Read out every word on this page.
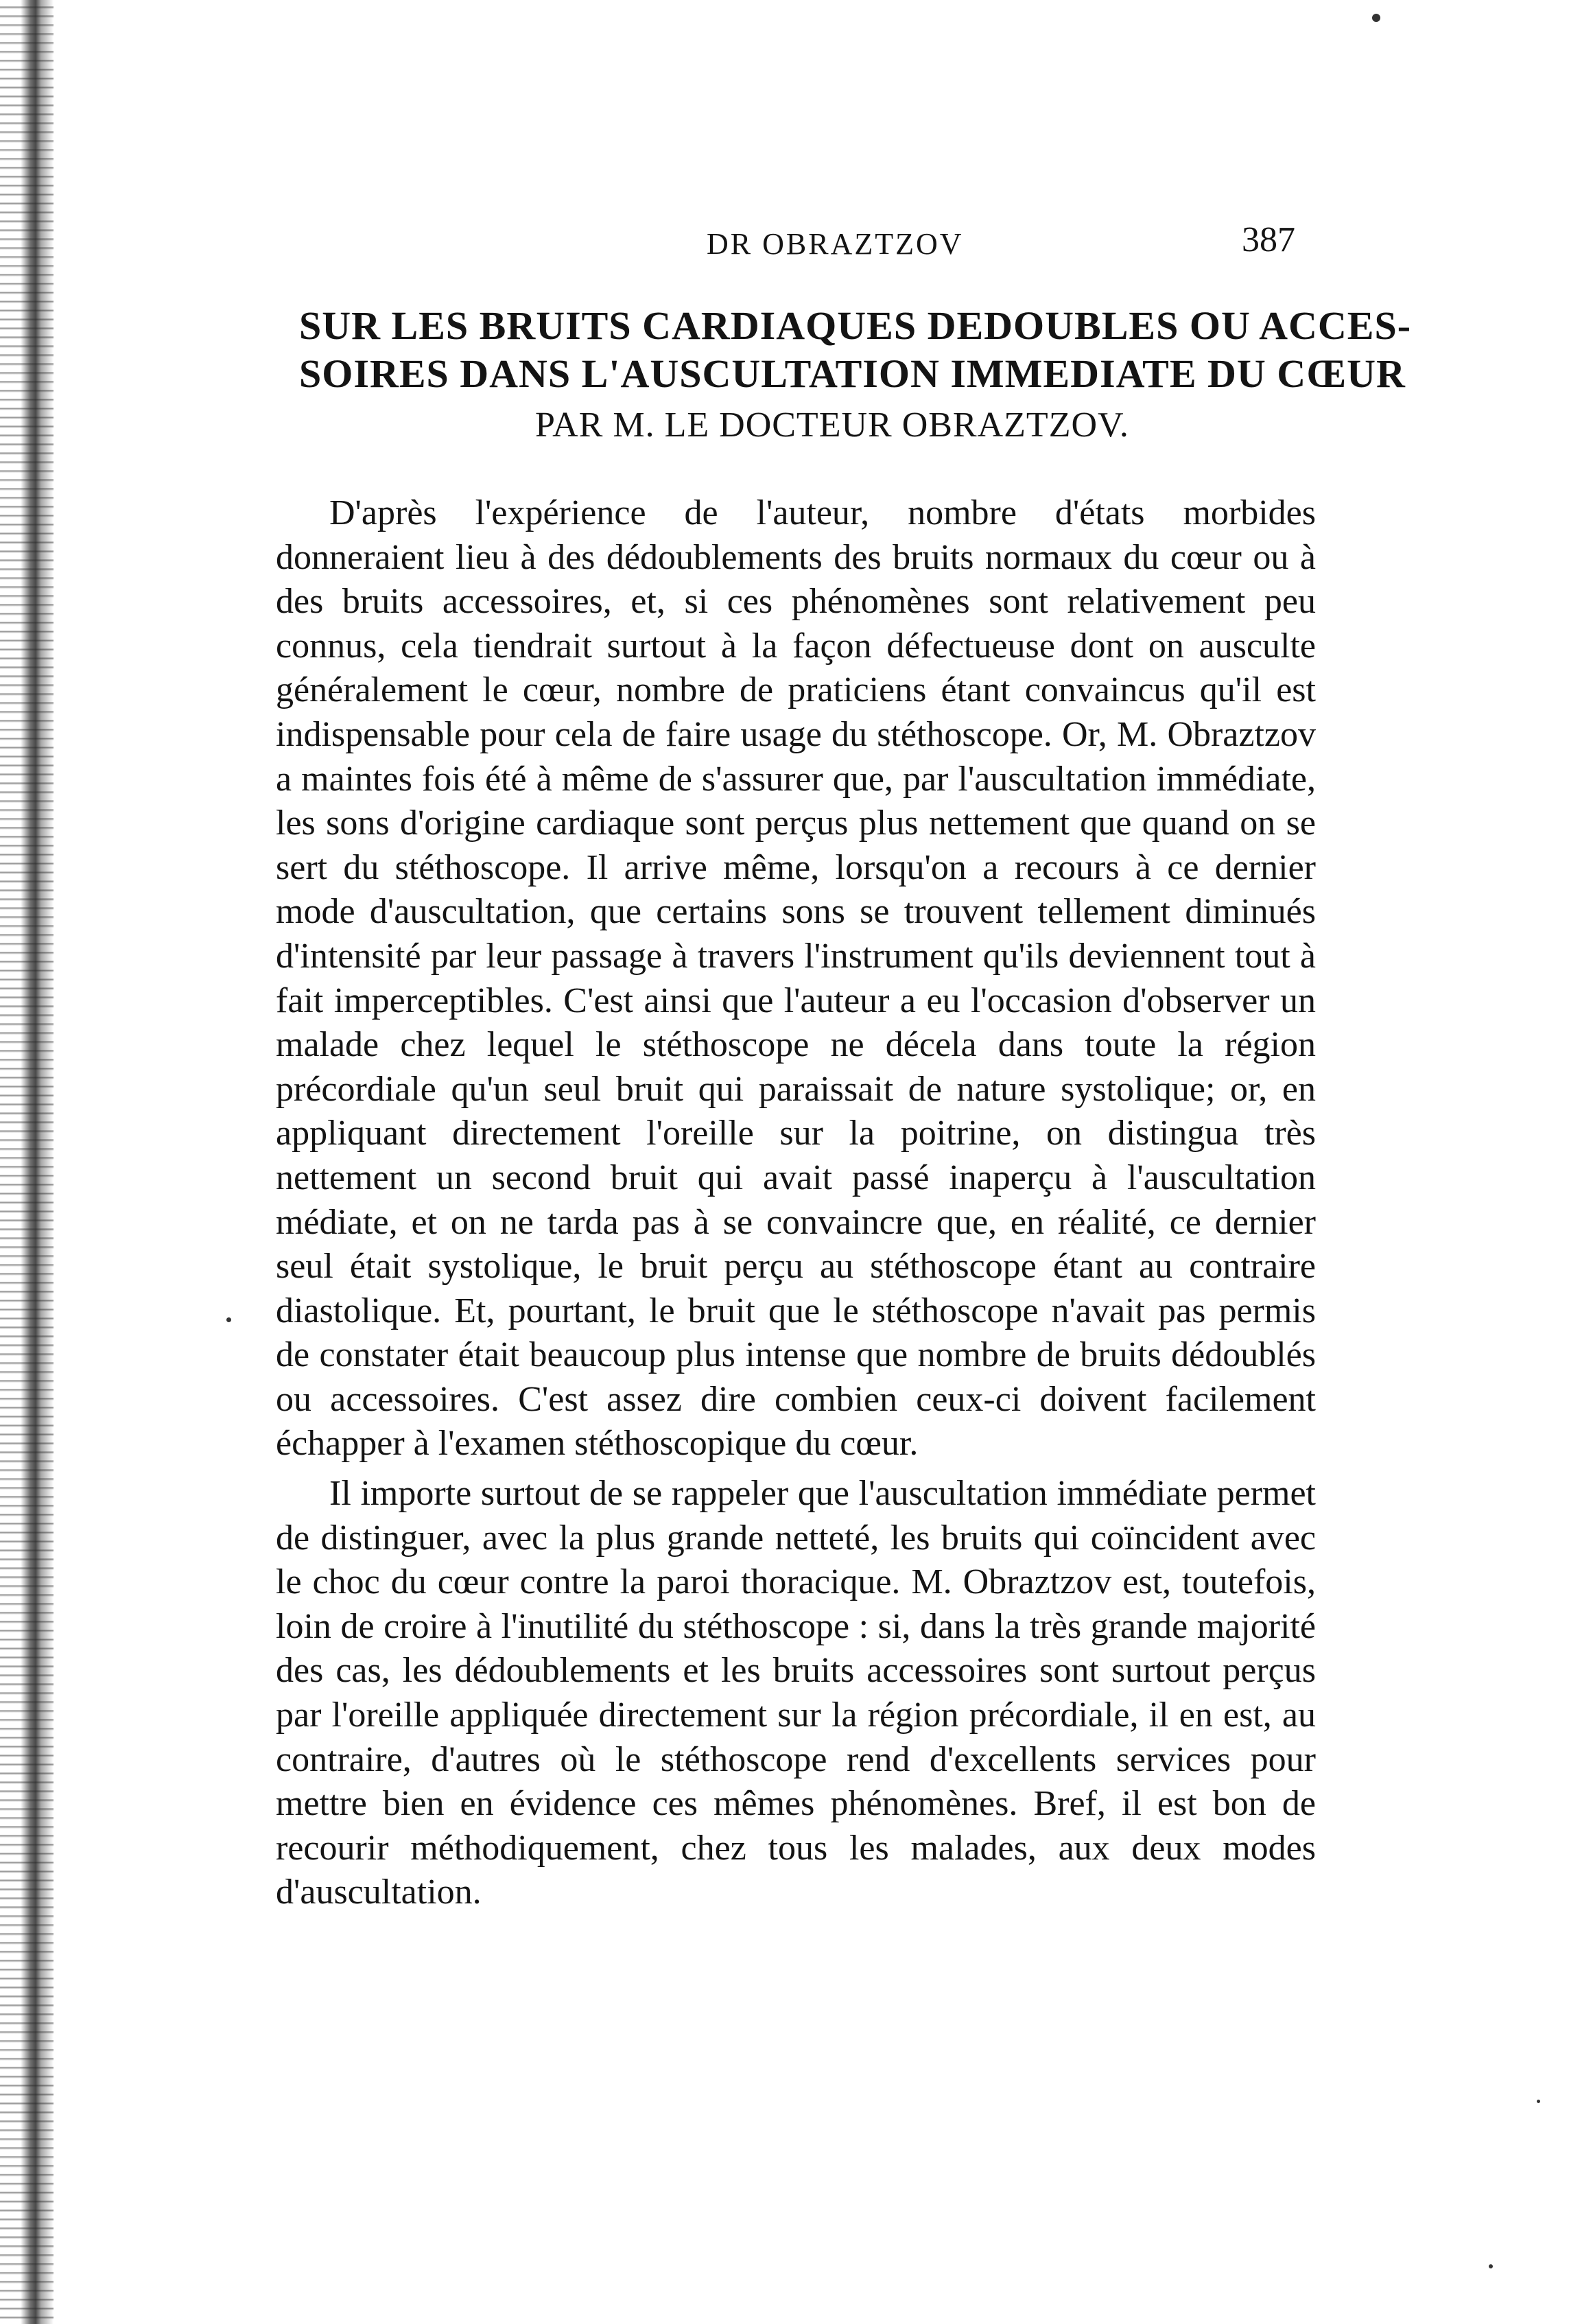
DR OBRAZTZOV	387
SUR LES BRUITS CARDIAQUES DEDOUBLES OU ACCES-
SOIRES DANS L'AUSCULTATION IMMEDIATE DU CŒUR
PAR M. LE DOCTEUR OBRAZTZOV.

D'après l'expérience de l'auteur, nombre d'états morbides donneraient lieu à des dédoublements des bruits normaux du cœur ou à des bruits accessoires, et, si ces phénomènes sont relativement peu connus, cela tiendrait surtout à la façon défectueuse dont on ausculte généralement le cœur, nombre de praticiens étant convaincus qu'il est indispensable pour cela de faire usage du stéthoscope. Or, M. Obraztzov a maintes fois été à même de s'assurer que, par l'auscultation immédiate, les sons d'origine cardiaque sont perçus plus nettement que quand on se sert du stéthoscope. Il arrive même, lorsqu'on a recours à ce dernier mode d'auscultation, que certains sons se trouvent tellement diminués d'intensité par leur passage à travers l'instrument qu'ils deviennent tout à fait imperceptibles. C'est ainsi que l'auteur a eu l'occasion d'observer un malade chez lequel le stéthoscope ne décela dans toute la région précordiale qu'un seul bruit qui paraissait de nature systolique; or, en appliquant directement l'oreille sur la poitrine, on distingua très nettement un second bruit qui avait passé inaperçu à l'auscultation médiate, et on ne tarda pas à se convaincre que, en réalité, ce dernier seul était systolique, le bruit perçu au stéthoscope étant au contraire diastolique. Et, pourtant, le bruit que le stéthoscope n'avait pas permis de constater était beaucoup plus intense que nombre de bruits dédoublés ou accessoires. C'est assez dire combien ceux-ci doivent facilement échapper à l'examen stéthoscopique du cœur.

Il importe surtout de se rappeler que l'auscultation immédiate permet de distinguer, avec la plus grande netteté, les bruits qui coïncident avec le choc du cœur contre la paroi thoracique. M. Obraztzov est, toutefois, loin de croire à l'inutilité du stéthoscope : si, dans la très grande majorité des cas, les dédoublements et les bruits accessoires sont surtout perçus par l'oreille appliquée directement sur la région précordiale, il en est, au contraire, d'autres où le stéthoscope rend d'excellents services pour mettre bien en évidence ces mêmes phénomènes. Bref, il est bon de recourir méthodiquement, chez tous les malades, aux deux modes d'auscultation.
